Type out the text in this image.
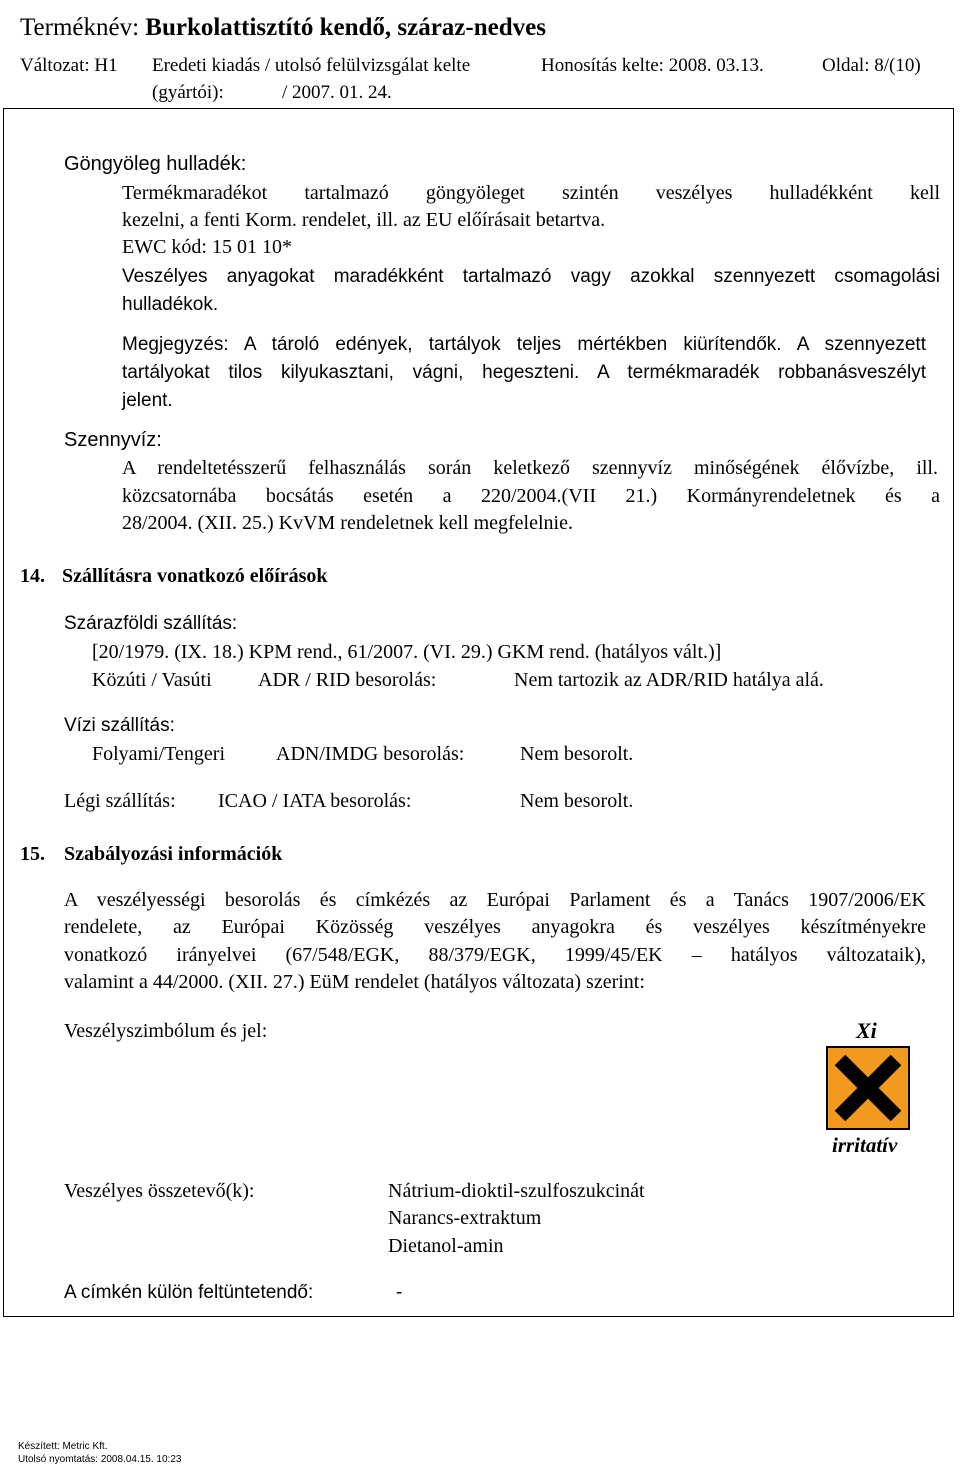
Terméknév: Burkolattisztító kendő, száraz-nedves
Változat: H1 Eredeti kiadás / utolsó felülvizsgálat kelte
(gyártói):	/ 2007. 01. 24.
Honosítás kelte: 2008. 03.13.	Oldal: 8/(10)
Göngyöleg hulladék:
Termékmaradékot tartalmazó göngyöleget szintén veszélyes hulladékként kell
kezelni, a fenti Korm. rendelet, ill. az EU előírásait betartva.
EWC kód: 15 01 10*
Veszélyes anyagokat maradékként tartalmazó vagy azokkal szennyezett csomagolási
hulladékok.
Megjegyzés: A tároló edények, tartályok teljes mértékben kiürítendők. A szennyezett
tartályokat tilos kilyukasztani, vágni, hegeszteni. A termékmaradék robbanásveszélyt
jelent.
Szennyvíz:
A rendeltetésszerű felhasználás során keletkező szennyvíz minőségének élővízbe, ill.
közcsatornába bocsátás esetén a 220/2004.(VII 21.) Kormányrendeletnek és a
28/2004. (XII. 25.) KvVM rendeletnek kell megfelelnie.
14. Szállításra vonatkozó előírások
Szárazföldi szállítás:
[20/1979. (IX. 18.) KPM rend., 61/2007. (VI. 29.) GKM rend. (hatályos vált.)]
Közúti / Vasúti ADR / RID besorolás:	Nem tartozik az ADR/RID hatálya alá.
Vízi szállítás:
Folyami/Tengeri	ADN/IMDG besorolás:	Nem besorolt.
Légi szállítás: ICAO / IATA besorolás:	Nem besorolt.
15. Szabályozási információk
A veszélyességi besorolás és címkézés az Európai Parlament és a Tanács 1907/2006/EK
rendelete, az Európai Közösség veszélyes anyagokra és veszélyes készítményekre
vonatkozó irányelvei (67/548/EGK, 88/379/EGK, 1999/45/EK – hatályos változataik),
valamint a 44/2000. (XII. 27.) EüM rendelet (hatályos változata) szerint:
Veszélyszimbólum és jel:	Xi
irritatív
Veszélyes összetevő(k):	Nátrium-dioktil-szulfoszukcinát
Narancs-extraktum
Dietanol-amin
A címkén külön feltüntetendő:	-
Készített: Metric Kft.
Utolsó nyomtatás: 2008.04.15. 10:23
